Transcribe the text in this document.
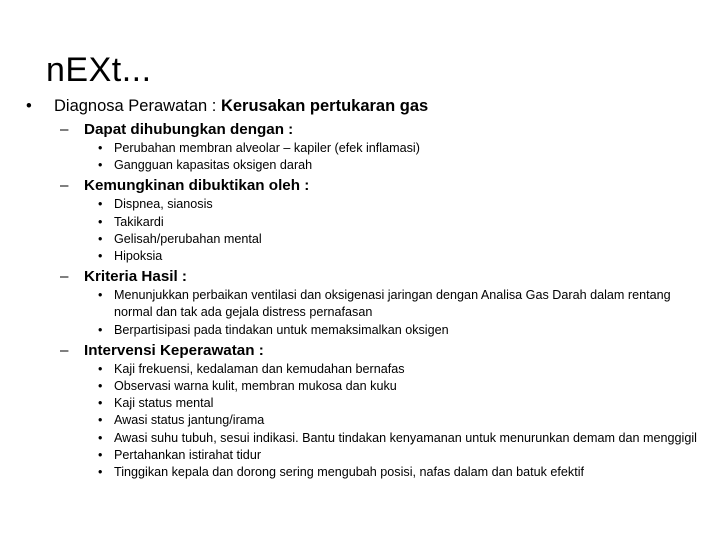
nEXt...
• Diagnosa Perawatan : Kerusakan pertukaran gas
– Dapat dihubungkan dengan :
• Perubahan membran alveolar – kapiler (efek inflamasi)
• Gangguan kapasitas oksigen darah
– Kemungkinan dibuktikan oleh :
• Dispnea, sianosis
• Takikardi
• Gelisah/perubahan mental
• Hipoksia
– Kriteria Hasil :
• Menunjukkan perbaikan ventilasi dan oksigenasi jaringan dengan Analisa Gas Darah dalam rentang normal dan tak ada gejala distress pernafasan
• Berpartisipasi pada tindakan untuk memaksimalkan oksigen
– Intervensi Keperawatan :
• Kaji frekuensi, kedalaman dan kemudahan bernafas
• Observasi warna kulit, membran mukosa dan kuku
• Kaji status mental
• Awasi status jantung/irama
• Awasi suhu tubuh, sesui indikasi. Bantu tindakan kenyamanan untuk menurunkan demam dan menggigil
• Pertahankan istirahat tidur
• Tinggikan kepala dan dorong sering mengubah posisi, nafas dalam dan batuk efektif
